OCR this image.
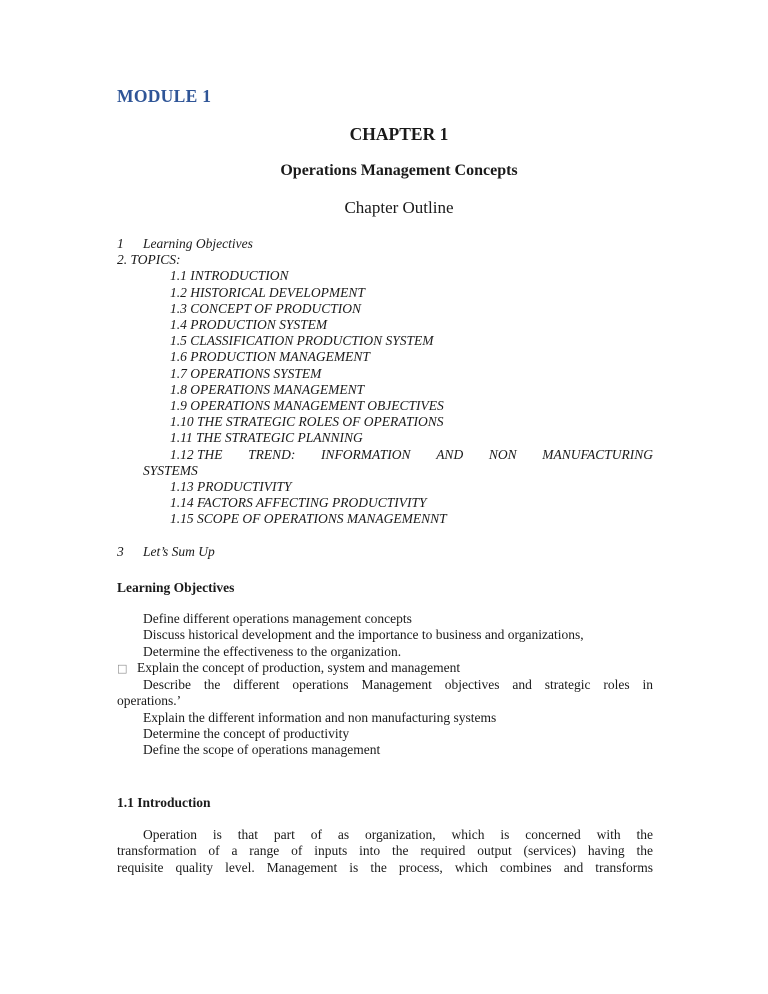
MODULE 1
CHAPTER 1
Operations Management Concepts
Chapter Outline
1 Learning Objectives
2. TOPICS:
1.1 INTRODUCTION
1.2 HISTORICAL DEVELOPMENT
1.3 CONCEPT OF PRODUCTION
1.4 PRODUCTION SYSTEM
1.5 CLASSIFICATION PRODUCTION SYSTEM
1.6 PRODUCTION MANAGEMENT
1.7 OPERATIONS SYSTEM
1.8 OPERATIONS MANAGEMENT
1.9 OPERATIONS MANAGEMENT OBJECTIVES
1.10 THE STRATEGIC ROLES OF OPERATIONS
1.11 THE STRATEGIC PLANNING
1.12 THE TREND: INFORMATION AND NON MANUFACTURING
SYSTEMS
1.13 PRODUCTIVITY
1.14 FACTORS AFFECTING PRODUCTIVITY
1.15 SCOPE OF OPERATIONS MANAGEMENNT
3 Let’s Sum Up
Learning Objectives
Define different operations management concepts
Discuss historical development and the importance to business and organizations,
Determine the effectiveness to the organization.
□ Explain the concept of production, system and management
Describe the different operations Management objectives and strategic roles in
operations.’
Explain the different information and non manufacturing systems
Determine the concept of productivity
Define the scope of operations management
1.1 Introduction
Operation is that part of as organization, which is concerned with the
transformation of a range of inputs into the required output (services) having the
requisite quality level. Management is the process, which combines and transforms
